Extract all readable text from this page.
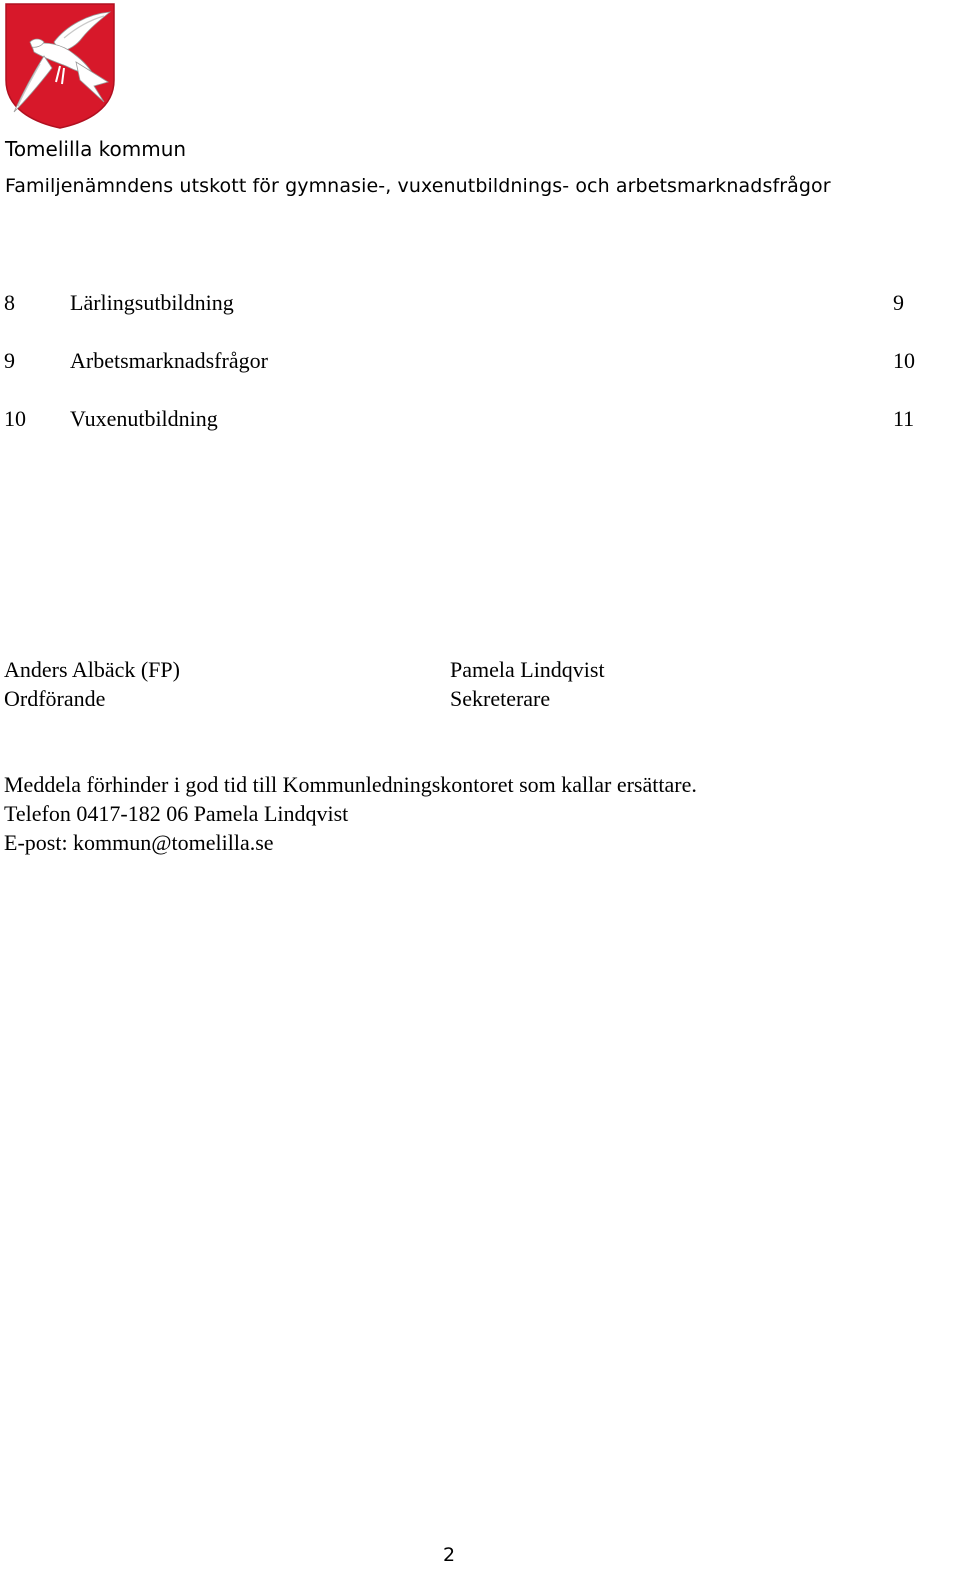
Tomelilla kommun
Familjenämndens utskott för gymnasie-, vuxenutbildnings- och arbetsmarknadsfrågor
8	Lärlingsutbildning	9
9	Arbetsmarknadsfrågor	10
10 Vuxenutbildning	11
Anders Albäck (FP)
Ordförande
Pamela Lindqvist
Sekreterare
Meddela förhinder i god tid till Kommunledningskontoret som kallar ersättare.
Telefon 0417-182 06 Pamela Lindqvist
E-post: kommun@tomelilla.se
2
